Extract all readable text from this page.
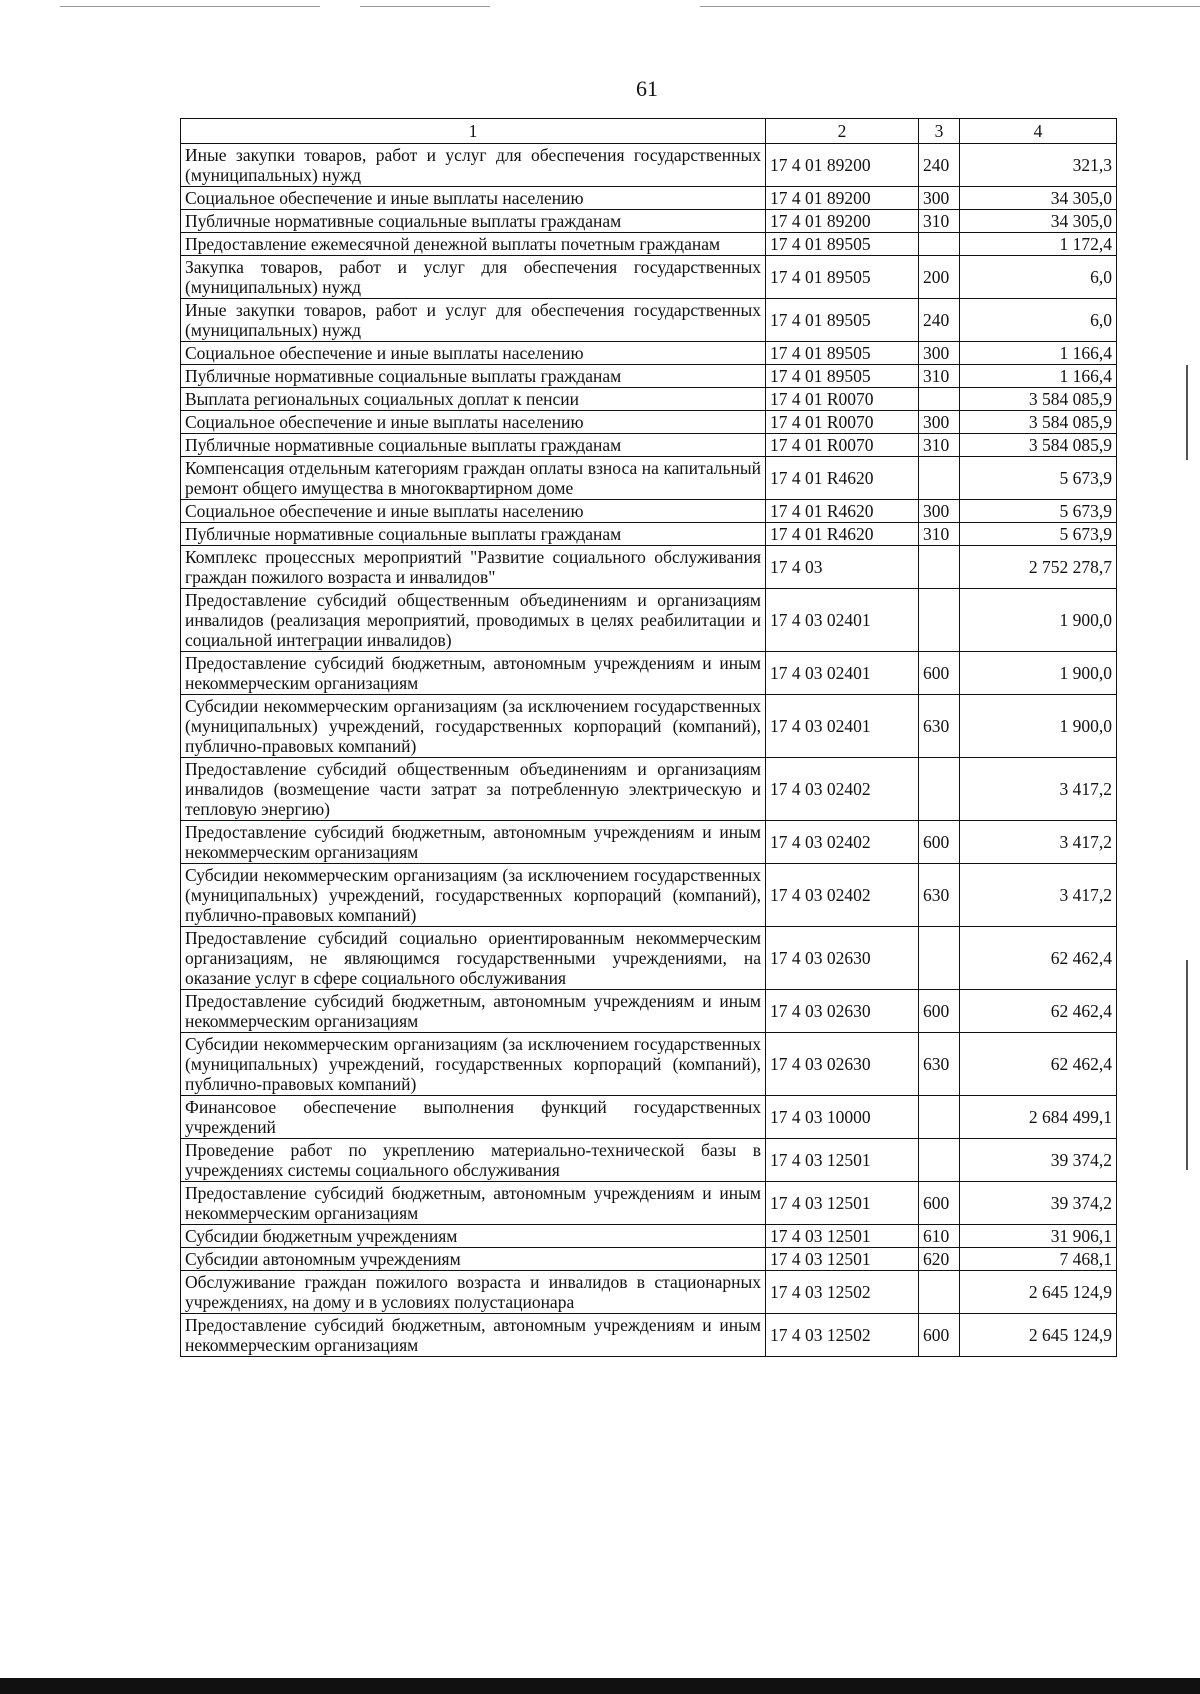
61
1	2	3	4
Иные закупки товаров, работ и услуг для обеспечения государственных (муниципальных) нужд	17 4 01 89200	240	321,3
Социальное обеспечение и иные выплаты населению	17 4 01 89200	300	34 305,0
Публичные нормативные социальные выплаты гражданам	17 4 01 89200	310	34 305,0
Предоставление ежемесячной денежной выплаты почетным гражданам	17 4 01 89505		1 172,4
Закупка товаров, работ и услуг для обеспечения государственных (муниципальных) нужд	17 4 01 89505	200	6,0
Иные закупки товаров, работ и услуг для обеспечения государственных (муниципальных) нужд	17 4 01 89505	240	6,0
Социальное обеспечение и иные выплаты населению	17 4 01 89505	300	1 166,4
Публичные нормативные социальные выплаты гражданам	17 4 01 89505	310	1 166,4
Выплата региональных социальных доплат к пенсии	17 4 01 R0070		3 584 085,9
Социальное обеспечение и иные выплаты населению	17 4 01 R0070	300	3 584 085,9
Публичные нормативные социальные выплаты гражданам	17 4 01 R0070	310	3 584 085,9
Компенсация отдельным категориям граждан оплаты взноса на капитальный ремонт общего имущества в многоквартирном доме	17 4 01 R4620		5 673,9
Социальное обеспечение и иные выплаты населению	17 4 01 R4620	300	5 673,9
Публичные нормативные социальные выплаты гражданам	17 4 01 R4620	310	5 673,9
Комплекс процессных мероприятий "Развитие социального обслуживания граждан пожилого возраста и инвалидов"	17 4 03		2 752 278,7
Предоставление субсидий общественным объединениям и организациям инвалидов (реализация мероприятий, проводимых в целях реабилитации и социальной интеграции инвалидов)	17 4 03 02401		1 900,0
Предоставление субсидий бюджетным, автономным учреждениям и иным некоммерческим организациям	17 4 03 02401	600	1 900,0
Субсидии некоммерческим организациям (за исключением государственных (муниципальных) учреждений, государственных корпораций (компаний), публично-правовых компаний)	17 4 03 02401	630	1 900,0
Предоставление субсидий общественным объединениям и организациям инвалидов (возмещение части затрат за потребленную электрическую и тепловую энергию)	17 4 03 02402		3 417,2
Предоставление субсидий бюджетным, автономным учреждениям и иным некоммерческим организациям	17 4 03 02402	600	3 417,2
Субсидии некоммерческим организациям (за исключением государственных (муниципальных) учреждений, государственных корпораций (компаний), публично-правовых компаний)	17 4 03 02402	630	3 417,2
Предоставление субсидий социально ориентированным некоммерческим организациям, не являющимся государственными учреждениями, на оказание услуг в сфере социального обслуживания	17 4 03 02630		62 462,4
Предоставление субсидий бюджетным, автономным учреждениям и иным некоммерческим организациям	17 4 03 02630	600	62 462,4
Субсидии некоммерческим организациям (за исключением государственных (муниципальных) учреждений, государственных корпораций (компаний), публично-правовых компаний)	17 4 03 02630	630	62 462,4
Финансовое обеспечение выполнения функций государственных учреждений	17 4 03 10000		2 684 499,1
Проведение работ по укреплению материально-технической базы в учреждениях системы социального обслуживания	17 4 03 12501		39 374,2
Предоставление субсидий бюджетным, автономным учреждениям и иным некоммерческим организациям	17 4 03 12501	600	39 374,2
Субсидии бюджетным учреждениям	17 4 03 12501	610	31 906,1
Субсидии автономным учреждениям	17 4 03 12501	620	7 468,1
Обслуживание граждан пожилого возраста и инвалидов в стационарных учреждениях, на дому и в условиях полустационара	17 4 03 12502		2 645 124,9
Предоставление субсидий бюджетным, автономным учреждениям и иным некоммерческим организациям	17 4 03 12502	600	2 645 124,9
